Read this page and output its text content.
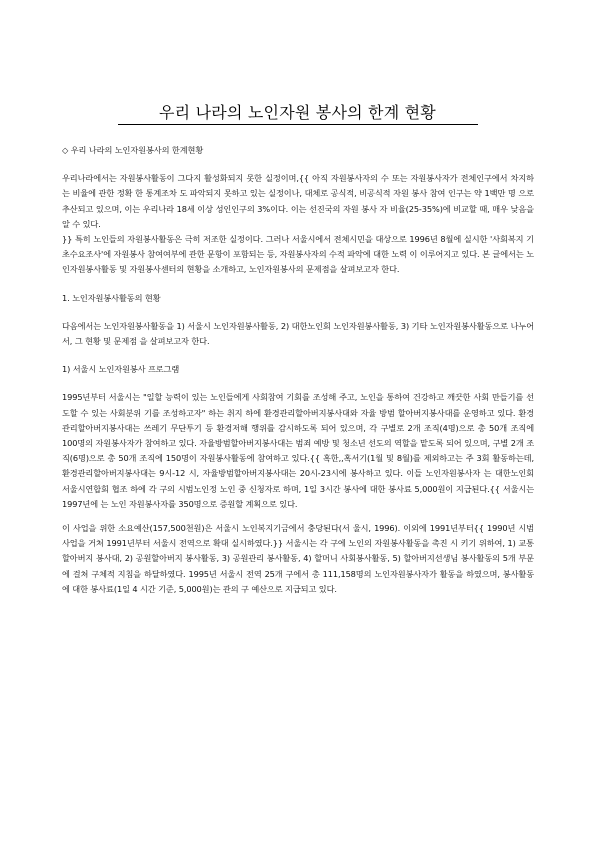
우리 나라의 노인자원 봉사의 한계 현황

◇ 우리 나라의 노인자원봉사의 한계현황

우리나라에서는 자원봉사활동이 그다지 활성화되지 못한 실정이며,{{ 아직 자원봉사자의 수 또는 자원봉사자가 전체인구에서 차지하는 비율에 관한 정확 한 통계조차 도 파악되지 못하고 있는 실정이나, 대체로 공식적, 비공식적 자원 봉사 참여 인구는 약 1백만 명 으로 추산되고 있으며, 이는 우리나라 18세 이상 성인인구의 3%이다. 이는 선진국의 자원 봉사 자 비율(25-35%)에 비교할 때, 매우 낮음을 알 수 있다.

}} 특히 노인들의 자원봉사활동은 극히 저조한 실정이다. 그러나 서울시에서 전체시민을 대상으로 1996년 8월에 실시한 '사회복지 기초수요조사'에 자원봉사 참여여부에 관한 문항이 포함되는 등, 자원봉사자의 수적 파악에 대한 노력 이 이루어지고 있다. 본 글에서는 노인자원봉사활동 및 자원봉사센터의 현황을 소개하고, 노인자원봉사의 문제점을 살펴보고자 한다.

1. 노인자원봉사활동의 현황

다음에서는 노인자원봉사활동을 1) 서울시 노인자원봉사활동, 2) 대한노인회 노인자원봉사활동, 3) 기타 노인자원봉사활동으로 나누어서, 그 현황 및 문제점 을 살펴보고자 한다.

1) 서울시 노인자원봉사 프로그램

1995년부터 서울시는 "일할 능력이 있는 노인들에게 사회참여 기회를 조성해 주고, 노인을 통하여 건강하고 깨끗한 사회 만들기를 선도할 수 있는 사회분위 기를 조성하고자" 하는 취지 하에 환경관리할아버지봉사대와 자율 방범 할아버지봉사대를 운영하고 있다. 환경관리할아버지봉사대는 쓰레기 무단투기 등 환경저해 행위를 감시하도록 되어 있으며, 각 구별로 2개 조직(4명)으로 총 50개 조직에 100명의 자원봉사자가 참여하고 있다. 자율방범할아버지봉사대는 범죄 예방 및 청소년 선도의 역할을 맡도록 되어 있으며, 구별 2개 조직(6명)으로 총 50개 조직에 150명이 자원봉사활동에 참여하고 있다.{{ 혹한,,혹서기(1월 및 8월)를 제외하고는 주 3회 활동하는데, 환경관리할아버지봉사대는 9시-12 시, 자율방범할아버지봉사대는 20시-23시에 봉사하고 있다. 이들 노인자원봉사자 는 대한노인회 서울시연합회 협조 하에 각 구의 시범노인정 노인 중 신청자로 하며, 1일 3시간 봉사에 대한 봉사료 5,000원이 지급된다.{{ 서울시는 1997년에 는 노인 자원봉사자를 350명으로 증원할 계획으로 있다.

이 사업을 위한 소요예산(157,500천원)은 서울시 노인복지기금에서 충당된다(서 울시, 1996). 이외에 1991년부터{{ 1990년 시범사업을 거쳐 1991년부터 서울시 전역으로 확대 실시하였다.}} 서울시는 각 구에 노인의 자원봉사활동을 촉진 시 키기 위하여, 1) 교통할아버지 봉사대, 2) 공원할아버지 봉사활동, 3) 공원관리 봉사활동, 4) 할머니 사회봉사활동, 5) 할아버지선생님 봉사활동의 5개 부문 에 걸쳐 구체적 지침을 하달하였다. 1995년 서울시 전역 25개 구에서 총 111,158명의 노인자원봉사자가 활동을 하였으며, 봉사활동에 대한 봉사료(1일 4 시간 기준, 5,000원)는 관의 구 예산으로 지급되고 있다.
